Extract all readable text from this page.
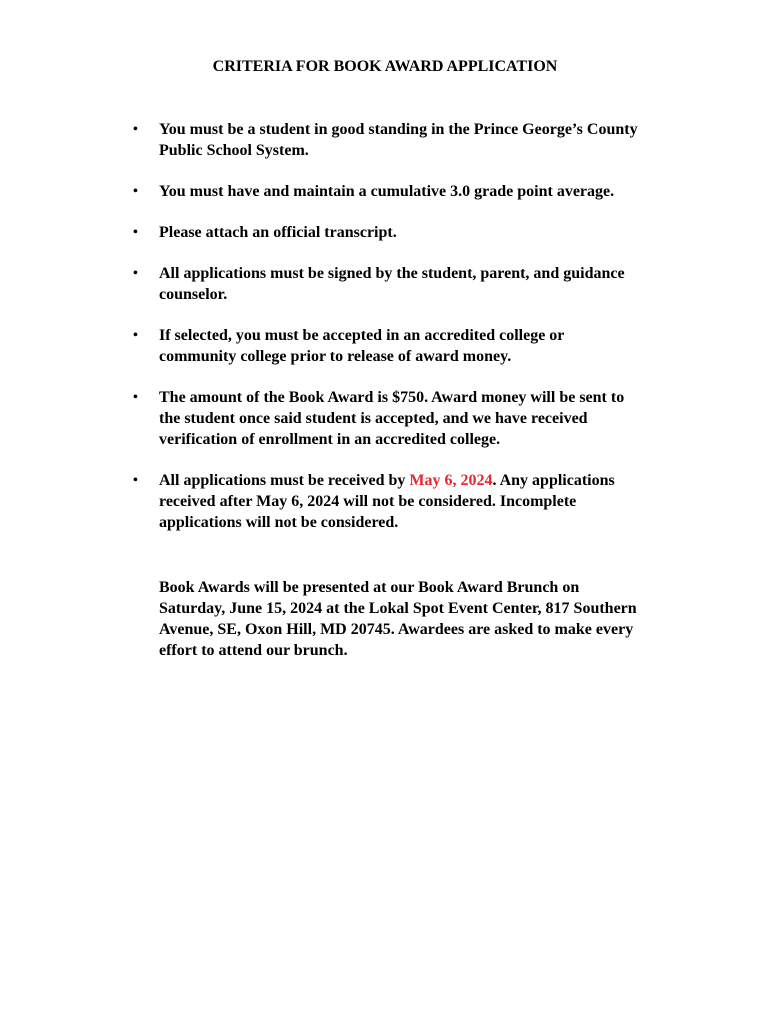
CRITERIA FOR BOOK AWARD APPLICATION
• You must be a student in good standing in the Prince George’s County Public School System.
• You must have and maintain a cumulative 3.0 grade point average.
• Please attach an official transcript.
• All applications must be signed by the student, parent, and guidance counselor.
• If selected, you must be accepted in an accredited college or community college prior to release of award money.
• The amount of the Book Award is $750. Award money will be sent to the student once said student is accepted, and we have received verification of enrollment in an accredited college.
• All applications must be received by May 6, 2024. Any applications received after May 6, 2024 will not be considered. Incomplete applications will not be considered.

Book Awards will be presented at our Book Award Brunch on Saturday, June 15, 2024 at the Lokal Spot Event Center, 817 Southern Avenue, SE, Oxon Hill, MD 20745. Awardees are asked to make every effort to attend our brunch.
